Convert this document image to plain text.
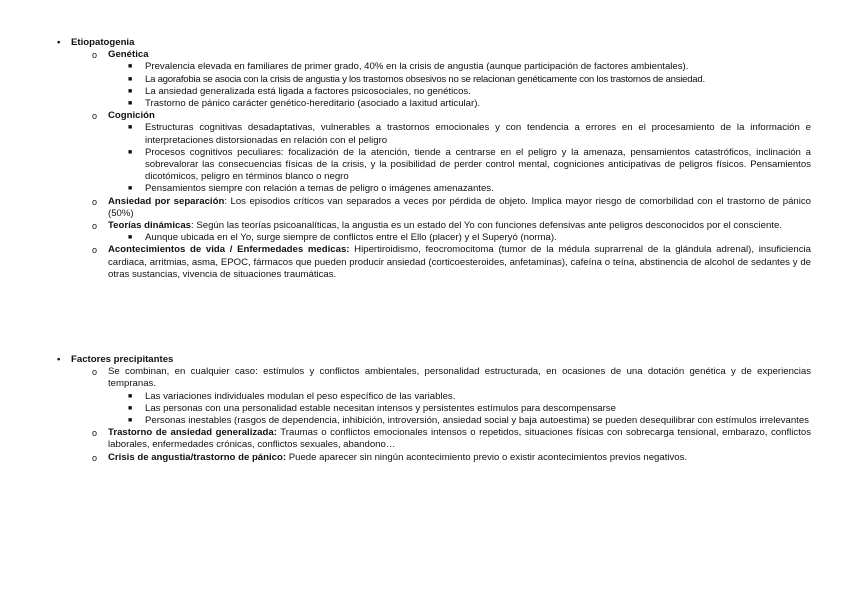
• Etiopatogenia
o Genética
■ Prevalencia elevada en familiares de primer grado, 40% en la crisis de angustia (aunque participación de factores ambientales).
■ La agorafobia se asocia con la crisis de angustia y los trastornos obsesivos no se relacionan genéticamente con los trastornos de ansiedad.
■ La ansiedad generalizada está ligada a factores psicosociales, no genéticos.
■ Trastorno de pánico carácter genético-hereditario (asociado a laxitud articular).
o Cognición
■ Estructuras cognitivas desadaptativas, vulnerables a trastornos emocionales y con tendencia a errores en el procesamiento de la información e interpretaciones distorsionadas en relación con el peligro
■ Procesos cognitivos peculiares: focalización de la atención, tiende a centrarse en el peligro y la amenaza, pensamientos catastróficos, inclinación a sobrevalorar las consecuencias físicas de la crisis, y la posibilidad de perder control mental, cogniciones anticipativas de peligros físicos. Pensamientos dicotómicos, peligro en términos blanco o negro
■ Pensamientos siempre con relación a temas de peligro o imágenes amenazantes.
o Ansiedad por separación: Los episodios críticos van separados a veces por pérdida de objeto. Implica mayor riesgo de comorbilidad con el trastorno de pánico (50%)
o Teorías dinámicas: Según las teorías psicoanalíticas, la angustia es un estado del Yo con funciones defensivas ante peligros desconocidos por el consciente.
■ Aunque ubicada en el Yo, surge siempre de conflictos entre el Ello (placer) y el Superyó (norma).
o Acontecimientos de vida / Enfermedades medicas: Hipertiroidismo, feocromocitoma (tumor de la médula suprarrenal de la glándula adrenal), insuficiencia cardiaca, arritmias, asma, EPOC, fármacos que pueden producir ansiedad (corticoesteroides, anfetaminas), cafeína o teína, abstinencia de alcohol de sedantes y de otras sustancias, vivencia de situaciones traumáticas.
• Factores precipitantes
o Se combinan, en cualquier caso: estímulos y conflictos ambientales, personalidad estructurada, en ocasiones de una dotación genética y de experiencias tempranas.
■ Las variaciones individuales modulan el peso específico de las variables.
■ Las personas con una personalidad estable necesitan intensos y persistentes estímulos para descompensarse
■ Personas inestables (rasgos de dependencia, inhibición, introversión, ansiedad social y baja autoestima) se pueden desequilibrar con estímulos irrelevantes
o Trastorno de ansiedad generalizada: Traumas o conflictos emocionales intensos o repetidos, situaciones físicas con sobrecarga tensional, embarazo, conflictos laborales, enfermedades crónicas, conflictos sexuales, abandono…
o Crisis de angustia/trastorno de pánico: Puede aparecer sin ningún acontecimiento previo o existir acontecimientos previos negativos.
